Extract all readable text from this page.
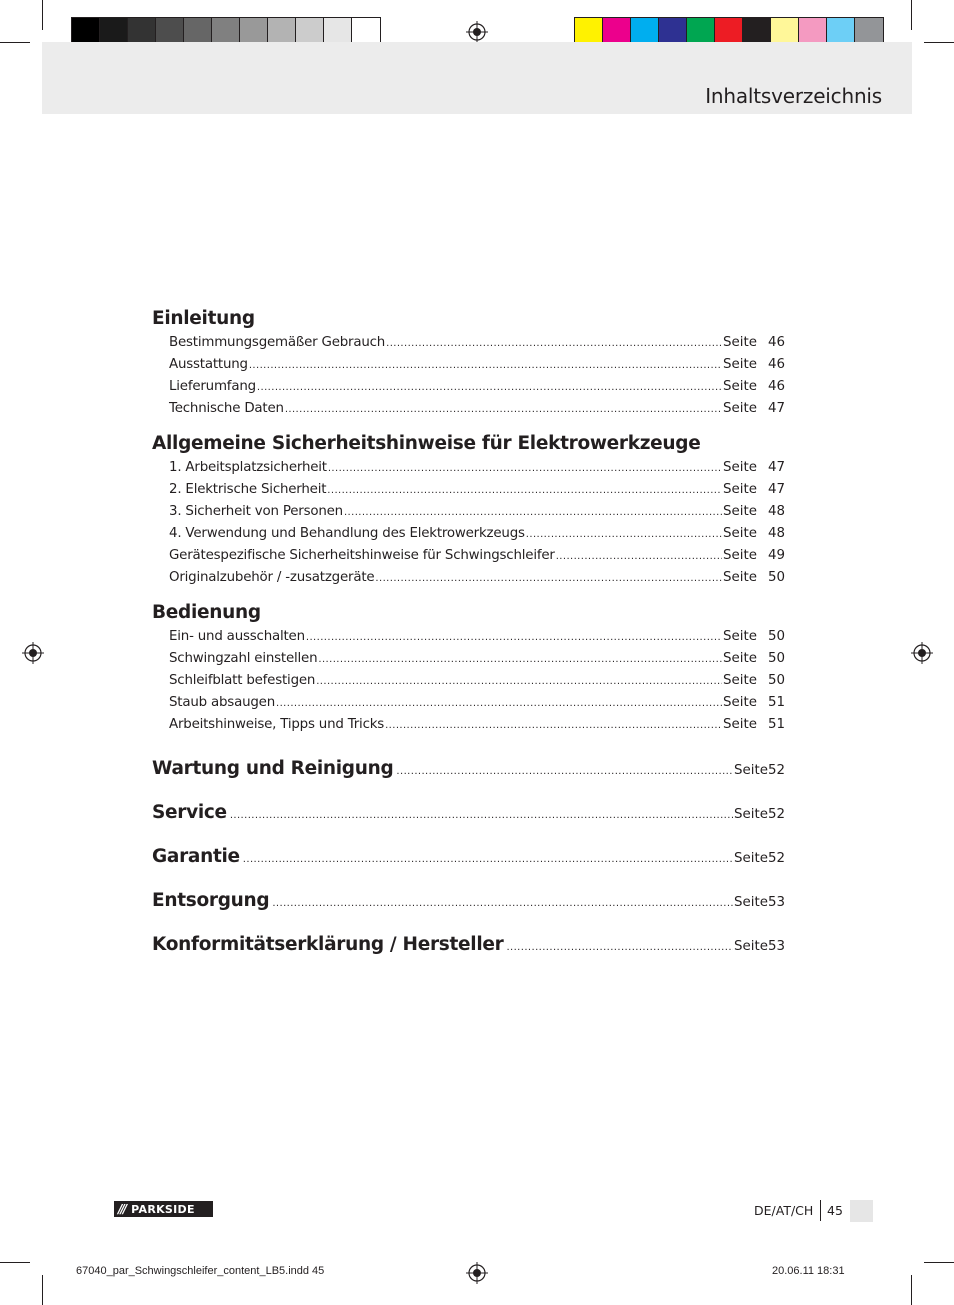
Inhaltsverzeichnis
Einleitung
Bestimmungsgemäßer Gebrauch .....	Seite 46
Ausstattung .....	Seite 46
Lieferumfang .....	Seite 46
Technische Daten .....	Seite 47
Allgemeine Sicherheitshinweise für Elektrowerkzeuge
1. Arbeitsplatzsicherheit .....	Seite 47
2. Elektrische Sicherheit .....	Seite 47
3. Sicherheit von Personen .....	Seite 48
4. Verwendung und Behandlung des Elektrowerkzeugs .....	Seite 48
Gerätespezifische Sicherheitshinweise für Schwingschleifer .....	Seite 49
Originalzubehör / -zusatzgeräte .....	Seite 50
Bedienung
Ein- und ausschalten .....	Seite 50
Schwingzahl einstellen .....	Seite 50
Schleifblatt befestigen .....	Seite 50
Staub absaugen .....	Seite 51
Arbeitshinweise, Tipps und Tricks .....	Seite 51
Wartung und Reinigung .....	Seite 52
Service .....	Seite 52
Garantie .....	Seite 52
Entsorgung .....	Seite 53
Konformitätserklärung / Hersteller .....	Seite 53
/// PARKSIDE	DE/AT/CH 45
67040_par_Schwingschleifer_content_LB5.indd 45	20.06.11 18:31
